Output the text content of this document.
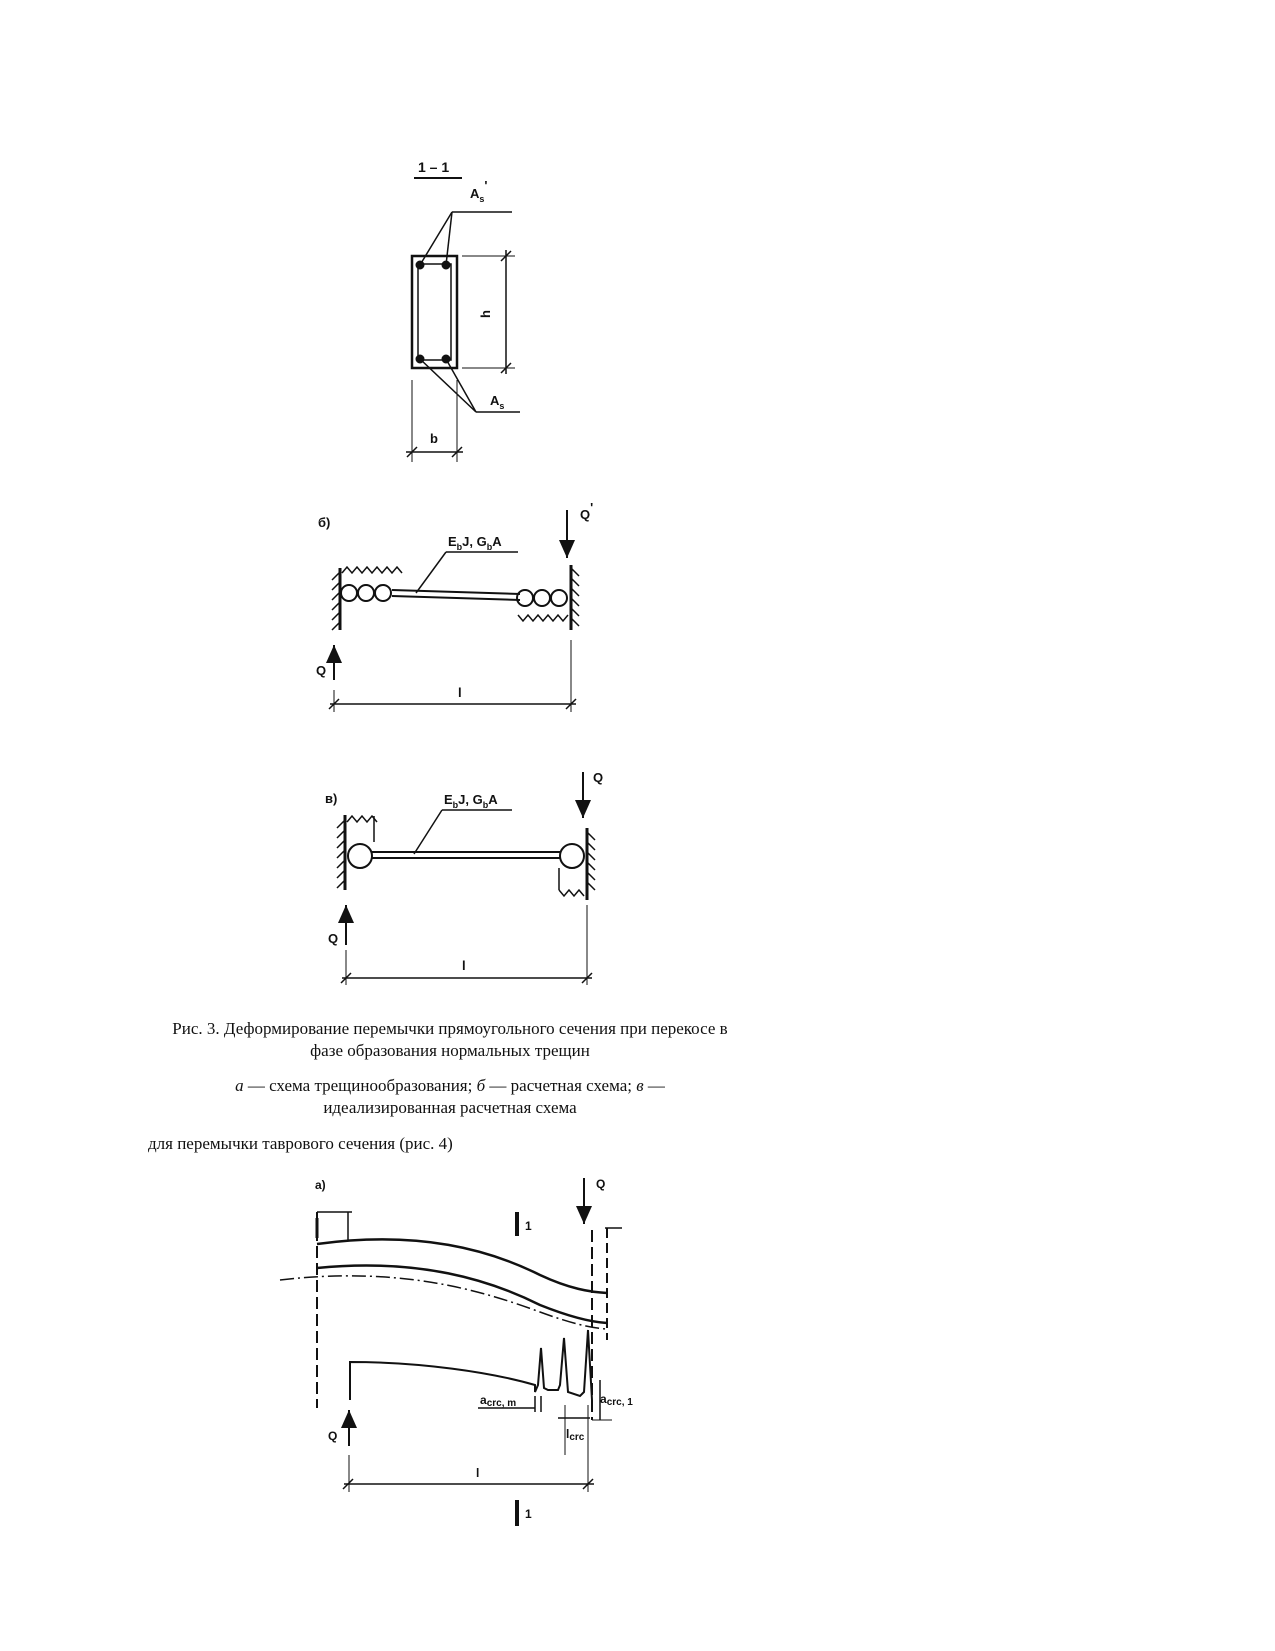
1 – 1
$A_s'$
$A_s$
h
b
б)
$E_bJ$, $G_bA$
Q'
Q
l
в)	$E_bJ$, $G_bA$
Q
Q
l
а)	Q
1
Q
acrc, m	acrc, 1
lcrc
l
1
Рис. 3. Деформирование перемычки прямоугольного сечения при перекосе в
фазе образования нормальных трещин
а — схема трещинообразования; б — расчетная схема; в —
идеализированная расчетная схема
для перемычки таврового сечения (рис. 4)
